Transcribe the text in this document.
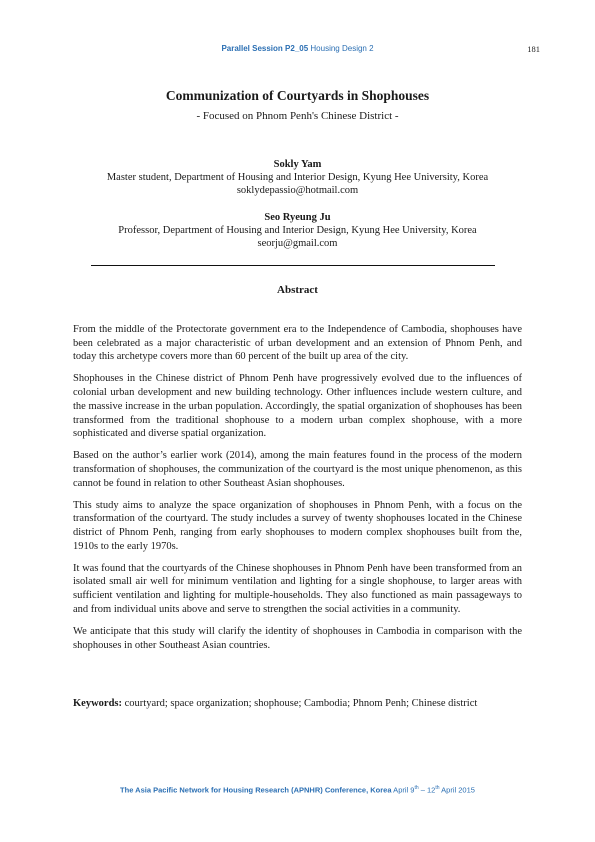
Parallel Session P2_05 Housing Design 2	181
Communization of Courtyards in Shophouses
- Focused on Phnom Penh's Chinese District -
Sokly Yam
Master student, Department of Housing and Interior Design, Kyung Hee University, Korea
soklydepassio@hotmail.com
Seo Ryeung Ju
Professor, Department of Housing and Interior Design, Kyung Hee University, Korea
seorju@gmail.com
Abstract

From the middle of the Protectorate government era to the Independence of Cambodia, shophouses have been celebrated as a major characteristic of urban development and an extension of Phnom Penh, and today this archetype covers more than 60 percent of the built up area of the city.

Shophouses in the Chinese district of Phnom Penh have progressively evolved due to the influences of colonial urban development and new building technology. Other influences include western culture, and the massive increase in the urban population. Accordingly, the spatial organization of shophouses has been transformed from the traditional shophouse to a modern urban complex shophouse, with a more sophisticated and diverse spatial organization.

Based on the author’s earlier work (2014), among the main features found in the process of the modern transformation of shophouses, the communization of the courtyard is the most unique phenomenon, as this cannot be found in relation to other Southeast Asian shophouses.

This study aims to analyze the space organization of shophouses in Phnom Penh, with a focus on the transformation of the courtyard. The study includes a survey of twenty shophouses located in the Chinese district of Phnom Penh, ranging from early shophouses to modern complex shophouses built from the, 1910s to the early 1970s.

It was found that the courtyards of the Chinese shophouses in Phnom Penh have been transformed from an isolated small air well for minimum ventilation and lighting for a single shophouse, to larger areas with sufficient ventilation and lighting for multiple-households. They also functioned as main passageways to and from individual units above and serve to strengthen the social activities in a community.

We anticipate that this study will clarify the identity of shophouses in Cambodia in comparison with the shophouses in other Southeast Asian countries.

Keywords: courtyard; space organization; shophouse; Cambodia; Phnom Penh; Chinese district
The Asia Pacific Network for Housing Research (APNHR) Conference, Korea April 9th – 12th April 2015
